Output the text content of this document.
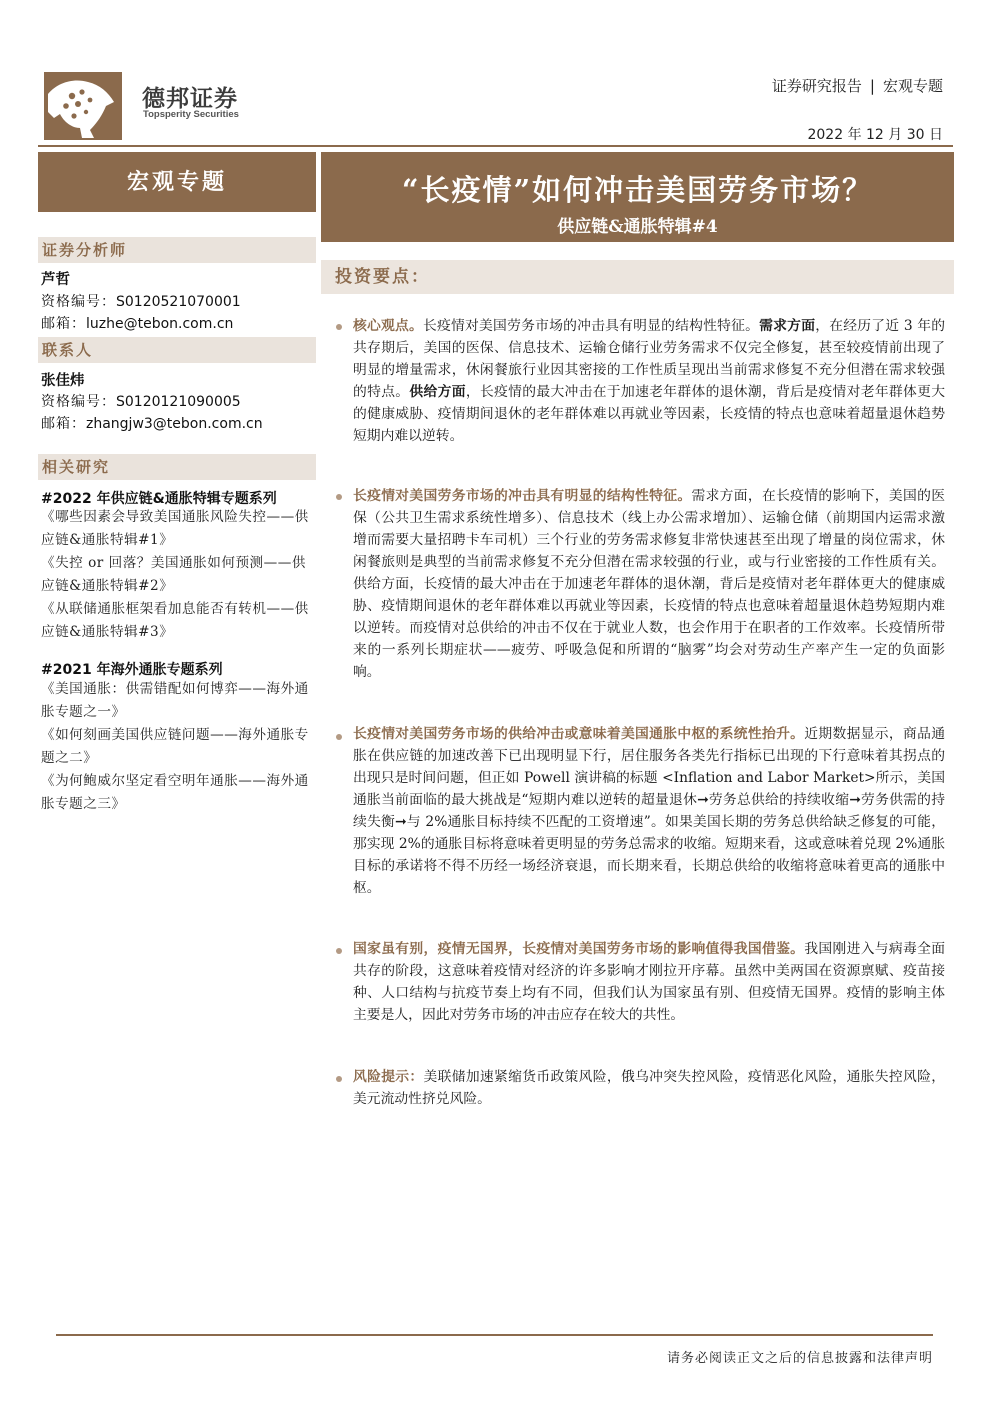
德邦证券
Topsperity Securities
证券研究报告 | 宏观专题
2022 年 12 月 30 日
宏观专题	“长疫情”如何冲击美国劳务市场？
供应链&通胀特辑#4
证券分析师
芦哲
资格编号：S0120521070001
邮箱：luzhe@tebon.com.cn
联系人
张佳炜
资格编号：S0120121090005
邮箱：zhangjw3@tebon.com.cn
相关研究
#2022 年供应链&通胀特辑专题系列
《哪些因素会导致美国通胀风险失控——供应链&通胀特辑#1》
《失控 or 回落？美国通胀如何预测——供应链&通胀特辑#2》
《从联储通胀框架看加息能否有转机——供应链&通胀特辑#3》
#2021 年海外通胀专题系列
《美国通胀：供需错配如何博弈——海外通胀专题之一》
《如何刻画美国供应链问题——海外通胀专题之二》
《为何鲍威尔坚定看空明年通胀——海外通胀专题之三》
投资要点：
核心观点。长疫情对美国劳务市场的冲击具有明显的结构性特征。需求方面，在经历了近 3 年的共存期后，美国的医保、信息技术、运输仓储行业劳务需求不仅完全修复，甚至较疫情前出现了明显的增量需求，休闲餐旅行业因其密接的工作性质呈现出当前需求修复不充分但潜在需求较强的特点。供给方面，长疫情的最大冲击在于加速老年群体的退休潮，背后是疫情对老年群体更大的健康威胁、疫情期间退休的老年群体难以再就业等因素，长疫情的特点也意味着超量退休趋势短期内难以逆转。
长疫情对美国劳务市场的冲击具有明显的结构性特征。需求方面，在长疫情的影响下，美国的医保（公共卫生需求系统性增多）、信息技术（线上办公需求增加）、运输仓储（前期国内运需求激增而需要大量招聘卡车司机）三个行业的劳务需求修复非常快速甚至出现了增量的岗位需求，休闲餐旅则是典型的当前需求修复不充分但潜在需求较强的行业，或与行业密接的工作性质有关。供给方面，长疫情的最大冲击在于加速老年群体的退休潮，背后是疫情对老年群体更大的健康威胁、疫情期间退休的老年群体难以再就业等因素，长疫情的特点也意味着超量退休趋势短期内难以逆转。而疫情对总供给的冲击不仅在于就业人数，也会作用于在职者的工作效率。长疫情所带来的一系列长期症状——疲劳、呼吸急促和所谓的“脑雾”均会对劳动生产率产生一定的负面影响。
长疫情对美国劳务市场的供给冲击或意味着美国通胀中枢的系统性抬升。近期数据显示，商品通胀在供应链的加速改善下已出现明显下行，居住服务各类先行指标已出现的下行意味着其拐点的出现只是时间问题，但正如 Powell 演讲稿的标题 <Inflation and Labor Market>所示，美国通胀当前面临的最大挑战是“短期内难以逆转的超量退休➞劳务总供给的持续收缩➞劳务供需的持续失衡➞与 2%通胀目标持续不匹配的工资增速”。如果美国长期的劳务总供给缺乏修复的可能，那实现 2%的通胀目标将意味着更明显的劳务总需求的收缩。短期来看，这或意味着兑现 2%通胀目标的承诺将不得不历经一场经济衰退，而长期来看，长期总供给的收缩将意味着更高的通胀中枢。
国家虽有别，疫情无国界，长疫情对美国劳务市场的影响值得我国借鉴。我国刚进入与病毒全面共存的阶段，这意味着疫情对经济的许多影响才刚拉开序幕。虽然中美两国在资源禀赋、疫苗接种、人口结构与抗疫节奏上均有不同，但我们认为国家虽有别、但疫情无国界。疫情的影响主体主要是人，因此对劳务市场的冲击应存在较大的共性。
风险提示：美联储加速紧缩货币政策风险，俄乌冲突失控风险，疫情恶化风险，通胀失控风险，美元流动性挤兑风险。
请务必阅读正文之后的信息披露和法律声明
